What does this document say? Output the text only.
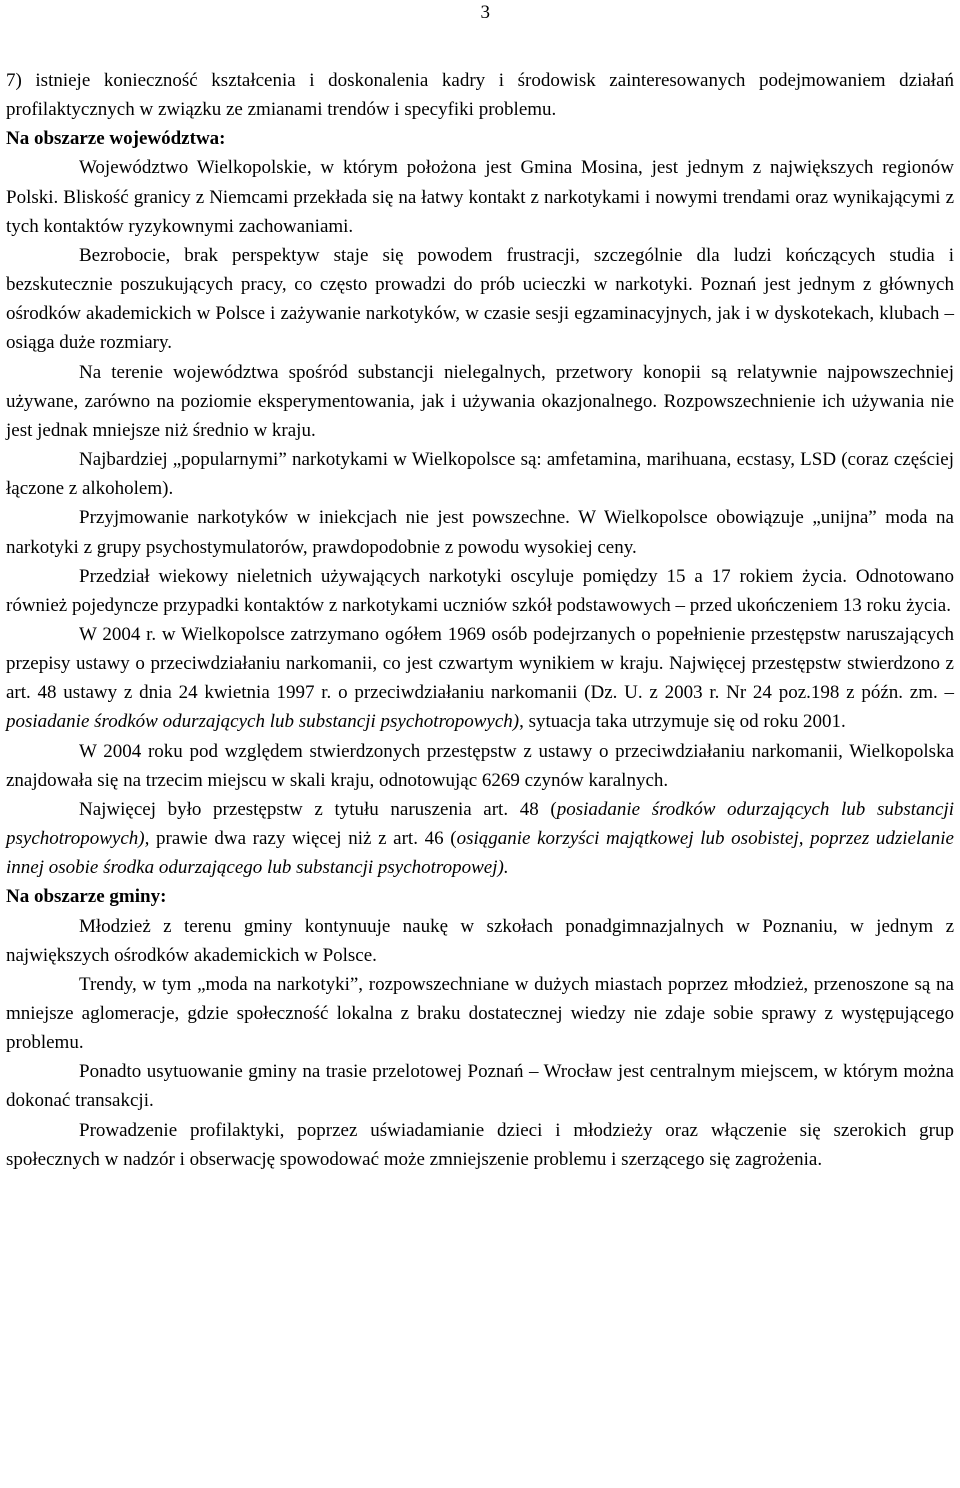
3

7) istnieje konieczność kształcenia i doskonalenia kadry i środowisk zainteresowanych podejmowaniem działań profilaktycznych w związku ze zmianami trendów i specyfiki problemu.

Na obszarze województwa:

Województwo Wielkopolskie, w którym położona jest Gmina Mosina, jest jednym z największych regionów Polski. Bliskość granicy z Niemcami przekłada się na łatwy kontakt z narkotykami i nowymi trendami oraz wynikającymi z tych kontaktów ryzykownymi zachowaniami.

Bezrobocie, brak perspektyw staje się powodem frustracji, szczególnie dla ludzi kończących studia i bezskutecznie poszukujących pracy, co często prowadzi do prób ucieczki w narkotyki. Poznań jest jednym z głównych ośrodków akademickich w Polsce i zażywanie narkotyków, w czasie sesji egzaminacyjnych, jak i w dyskotekach, klubach – osiąga duże rozmiary.

Na terenie województwa spośród substancji nielegalnych, przetwory konopii są relatywnie najpowszechniej używane, zarówno na poziomie eksperymentowania, jak i używania okazjonalnego. Rozpowszechnienie ich używania nie jest jednak mniejsze niż średnio w kraju.

Najbardziej „popularnymi” narkotykami w Wielkopolsce są: amfetamina, marihuana, ecstasy, LSD (coraz częściej łączone z alkoholem).

Przyjmowanie narkotyków w iniekcjach nie jest powszechne. W Wielkopolsce obowiązuje „unijna” moda na narkotyki z grupy psychostymulatorów, prawdopodobnie z powodu wysokiej ceny.

Przedział wiekowy nieletnich używających narkotyki oscyluje pomiędzy 15 a 17 rokiem życia. Odnotowano również pojedyncze przypadki kontaktów z narkotykami uczniów szkół podstawowych – przed ukończeniem 13 roku życia.

W 2004 r. w Wielkopolsce zatrzymano ogółem 1969 osób podejrzanych o popełnienie przestępstw naruszających przepisy ustawy o przeciwdziałaniu narkomanii, co jest czwartym wynikiem w kraju. Najwięcej przestępstw stwierdzono z art. 48 ustawy z dnia 24 kwietnia 1997 r. o przeciwdziałaniu narkomanii (Dz. U. z 2003 r. Nr 24 poz.198 z późn. zm. – posiadanie środków odurzających lub substancji psychotropowych), sytuacja taka utrzymuje się od roku 2001.

W 2004 roku pod względem stwierdzonych przestępstw z ustawy o przeciwdziałaniu narkomanii, Wielkopolska znajdowała się na trzecim miejscu w skali kraju, odnotowując 6269 czynów karalnych.

Najwięcej było przestępstw z tytułu naruszenia art. 48 (posiadanie środków odurzających lub substancji psychotropowych), prawie dwa razy więcej niż z art. 46 (osiąganie korzyści majątkowej lub osobistej, poprzez udzielanie innej osobie środka odurzającego lub substancji psychotropowej).

Na obszarze gminy:

Młodzież z terenu gminy kontynuuje naukę w szkołach ponadgimnazjalnych w Poznaniu, w jednym z największych ośrodków akademickich w Polsce.

Trendy, w tym „moda na narkotyki”, rozpowszechniane w dużych miastach poprzez młodzież, przenoszone są na mniejsze aglomeracje, gdzie społeczność lokalna z braku dostatecznej wiedzy nie zdaje sobie sprawy z występującego problemu.

Ponadto usytuowanie gminy na trasie przelotowej Poznań – Wrocław jest centralnym miejscem, w którym można dokonać transakcji.

Prowadzenie profilaktyki, poprzez uświadamianie dzieci i młodzieży oraz włączenie się szerokich grup społecznych w nadzór i obserwację spowodować może zmniejszenie problemu i szerzącego się zagrożenia.
